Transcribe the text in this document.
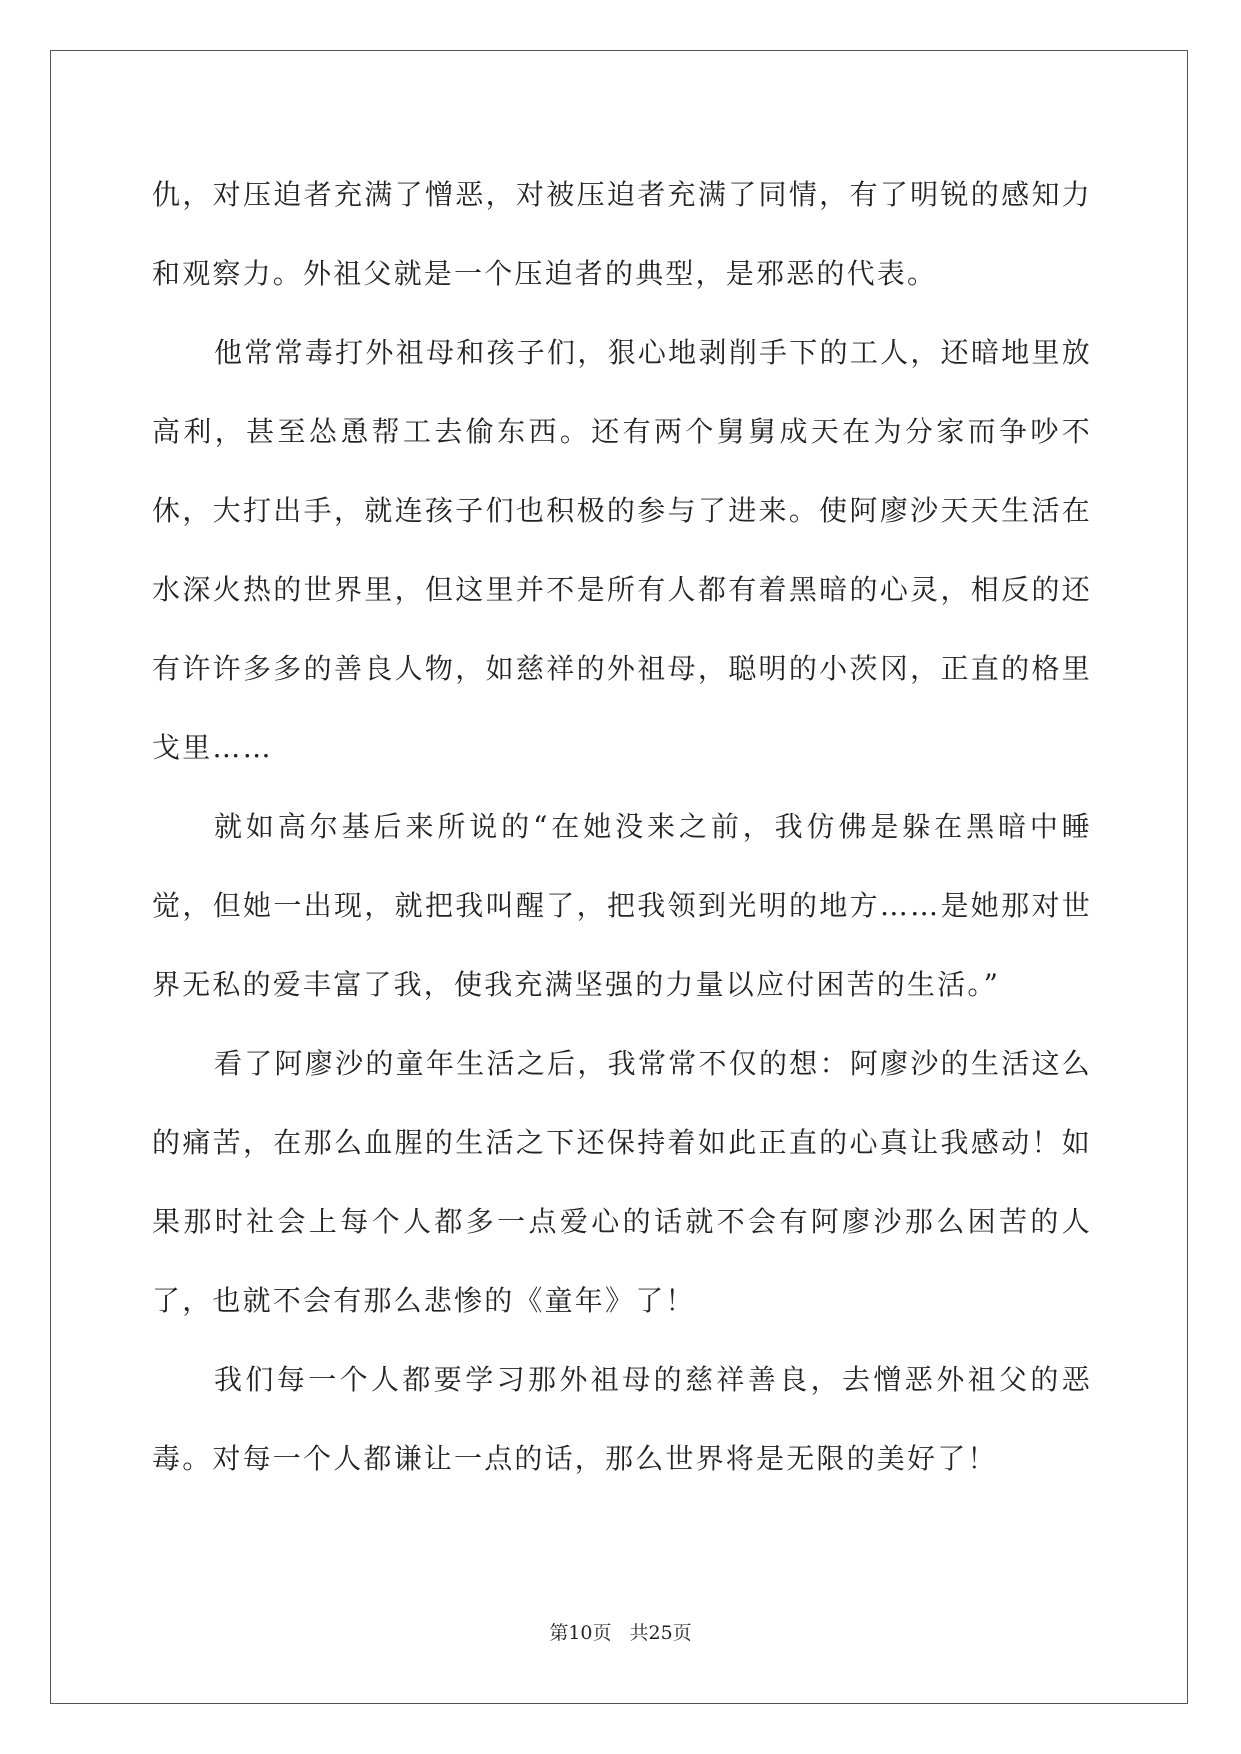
仇，对压迫者充满了憎恶，对被压迫者充满了同情，有了明锐的感知力和观察力。外祖父就是一个压迫者的典型，是邪恶的代表。

他常常毒打外祖母和孩子们，狠心地剥削手下的工人，还暗地里放高利，甚至怂恿帮工去偷东西。还有两个舅舅成天在为分家而争吵不休，大打出手，就连孩子们也积极的参与了进来。使阿廖沙天天生活在水深火热的世界里，但这里并不是所有人都有着黑暗的心灵，相反的还有许许多多的善良人物，如慈祥的外祖母，聪明的小茨冈，正直的格里戈里……

就如高尔基后来所说的“在她没来之前，我仿佛是躲在黑暗中睡觉，但她一出现，就把我叫醒了，把我领到光明的地方……是她那对世界无私的爱丰富了我，使我充满坚强的力量以应付困苦的生活。”

看了阿廖沙的童年生活之后，我常常不仅的想：阿廖沙的生活这么的痛苦，在那么血腥的生活之下还保持着如此正直的心真让我感动！如果那时社会上每个人都多一点爱心的话就不会有阿廖沙那么困苦的人了，也就不会有那么悲惨的《童年》了！

我们每一个人都要学习那外祖母的慈祥善良，去憎恶外祖父的恶毒。对每一个人都谦让一点的话，那么世界将是无限的美好了！

第10页 共25页
